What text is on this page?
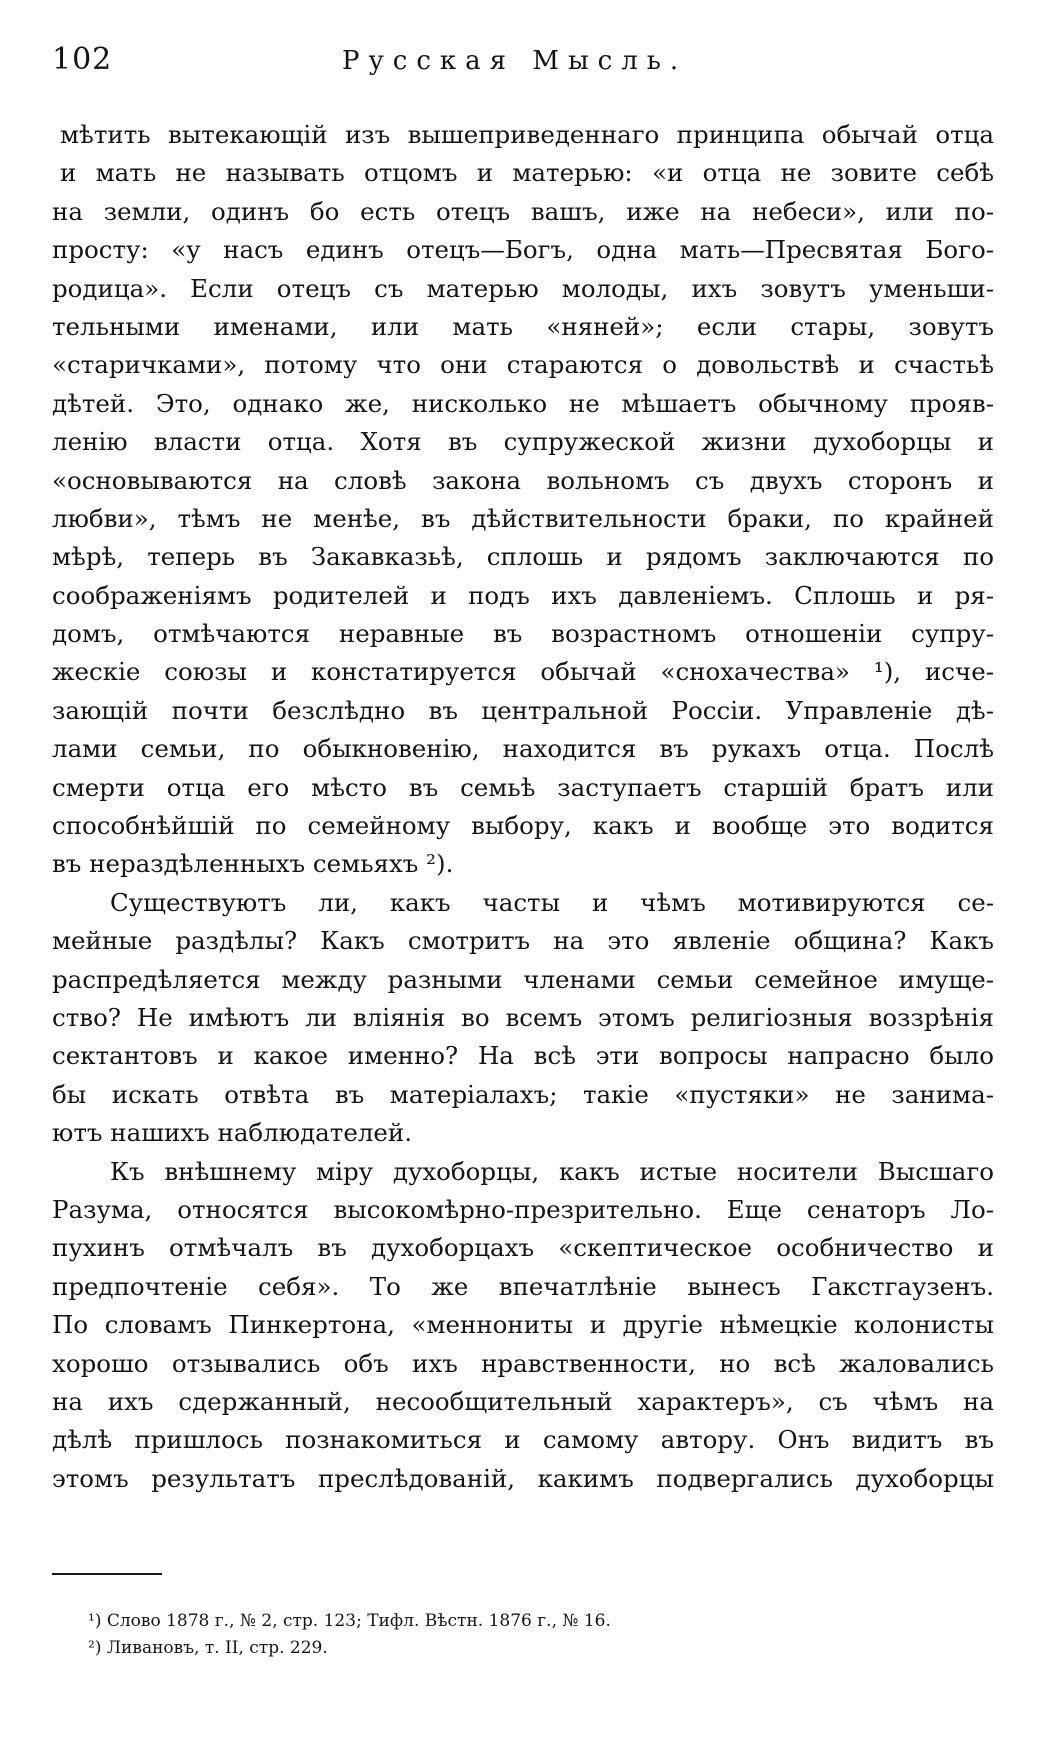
102	Русская Мысль.
мѣтить вытекающій изъ вышеприведеннаго принципа обычай отца
и мать не называть отцомъ и матерью: «и отца не зовите себѣ
на земли, одинъ бо есть отецъ вашъ, иже на небеси», или по-
просту: «у насъ единъ отецъ—Богъ, одна мать—Пресвятая Бого-
родица». Если отецъ съ матерью молоды, ихъ зовутъ уменьши-
тельными именами, или мать «няней»; если стары, зовутъ
«старичками», потому что они стараются о довольствѣ и счастьѣ
дѣтей. Это, однако же, нисколько не мѣшаетъ обычному прояв-
ленію власти отца. Хотя въ супружеской жизни духоборцы и
«основываются на словѣ закона вольномъ съ двухъ сторонъ и
любви», тѣмъ не менѣе, въ дѣйствительности браки, по крайней
мѣрѣ, теперь въ Закавказьѣ, сплошь и рядомъ заключаются по
соображеніямъ родителей и подъ ихъ давленіемъ. Сплошь и ря-
домъ, отмѣчаются неравные въ возрастномъ отношеніи супру-
жескіе союзы и констатируется обычай «снохачества» ¹), исче-
зающій почти безслѣдно въ центральной Россіи. Управленіе дѣ-
лами семьи, по обыкновенію, находится въ рукахъ отца. Послѣ
смерти отца его мѣсто въ семьѣ заступаетъ старшій братъ или
способнѣйшій по семейному выбору, какъ и вообще это водится
въ нераздѣленныхъ семьяхъ ²).
Существуютъ ли, какъ часты и чѣмъ мотивируются се-
мейные раздѣлы? Какъ смотритъ на это явленіе община? Какъ
распредѣляется между разными членами семьи семейное имуще-
ство? Не имѣютъ ли вліянія во всемъ этомъ религіозныя воззрѣнія
сектантовъ и какое именно? На всѣ эти вопросы напрасно было
бы искать отвѣта въ матеріалахъ; такіе «пустяки» не занима-
ютъ нашихъ наблюдателей.
Къ внѣшнему міру духоборцы, какъ истые носители Высшаго
Разума, относятся высокомѣрно-презрительно. Еще сенаторъ Ло-
пухинъ отмѣчалъ въ духоборцахъ «скептическое особничество и
предпочтеніе себя». То же впечатлѣніе вынесъ Гакстгаузенъ.
По словамъ Пинкертона, «меннониты и другіе нѣмецкіе колонисты
хорошо отзывались объ ихъ нравственности, но всѣ жаловались
на ихъ сдержанный, несообщительный характеръ», съ чѣмъ на
дѣлѣ пришлось познакомиться и самому автору. Онъ видитъ въ
этомъ результатъ преслѣдованій, какимъ подвергались духоборцы
¹) Слово 1878 г., № 2, стр. 123; Тифл. Вѣстн. 1876 г., № 16.
²) Ливановъ, т. II, стр. 229.
